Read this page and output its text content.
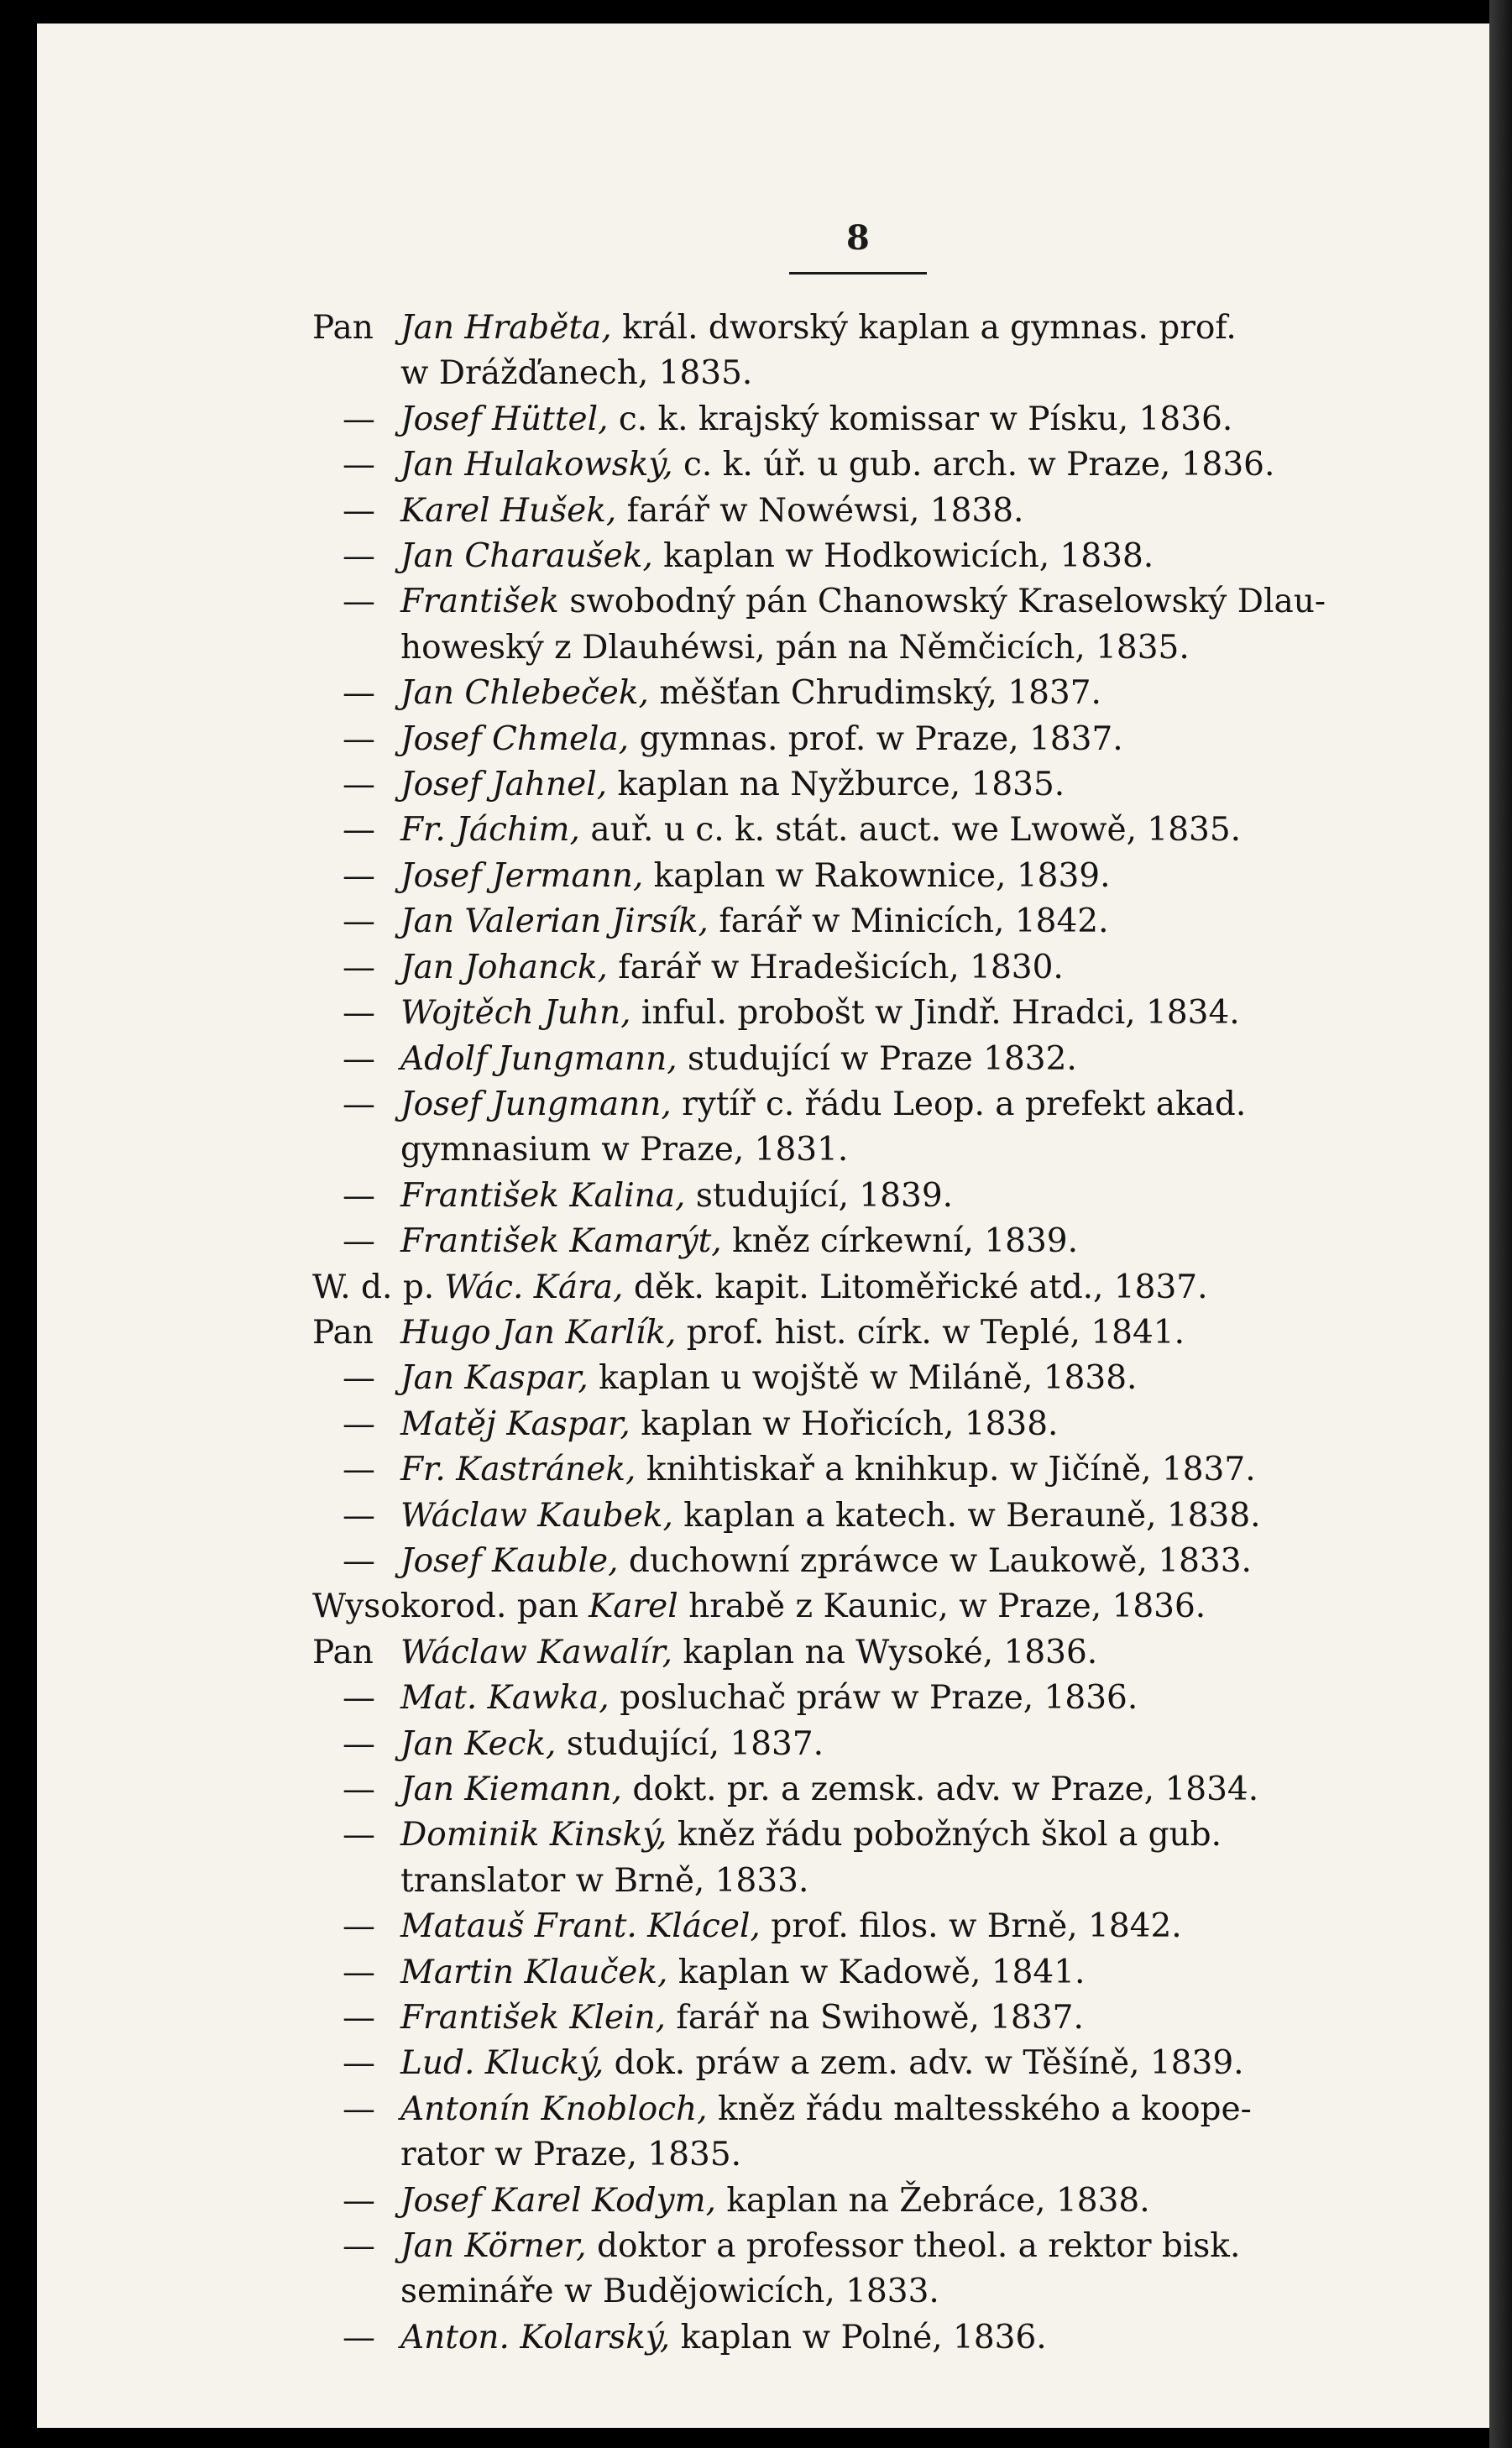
8
Pan Jan Hraběta, král. dworský kaplan a gymnas. prof.
w Drážďanech, 1835.
— Josef Hüttel, c. k. krajský komissar w Písku, 1836.
— Jan Hulakowský, c. k. úř. u gub. arch. w Praze, 1836.
— Karel Hušek, farář w Nowéwsi, 1838.
— Jan Charaušek, kaplan w Hodkowicích, 1838.
— František swobodný pán Chanowský Kraselowský Dlau-
howeský z Dlauhéwsi, pán na Němčicích, 1835.
— Jan Chlebeček, měšťan Chrudimský, 1837.
— Josef Chmela, gymnas. prof. w Praze, 1837.
— Josef Jahnel, kaplan na Nyžburce, 1835.
— Fr. Jáchim, auř. u c. k. stát. auct. we Lwowě, 1835.
— Josef Jermann, kaplan w Rakownice, 1839.
— Jan Valerian Jirsík, farář w Minicích, 1842.
— Jan Johanck, farář w Hradešicích, 1830.
— Wojtěch Juhn, inful. probošt w Jindř. Hradci, 1834.
— Adolf Jungmann, studující w Praze 1832.
— Josef Jungmann, rytíř c. řádu Leop. a prefekt akad.
gymnasium w Praze, 1831.
— František Kalina, studující, 1839.
— František Kamarýt, kněz církewní, 1839.
W. d. p. Wác. Kára, děk. kapit. Litoměřické atd., 1837.
Pan Hugo Jan Karlík, prof. hist. círk. w Teplé, 1841.
— Jan Kaspar, kaplan u wojště w Miláně, 1838.
— Matěj Kaspar, kaplan w Hořicích, 1838.
— Fr. Kastránek, knihtiskař a knihkup. w Jičíně, 1837.
— Wáclaw Kaubek, kaplan a katech. w Berauně, 1838.
— Josef Kauble, duchowní zpráwce w Laukowě, 1833.
Wysokorod. pan Karel hrabě z Kaunic, w Praze, 1836.
Pan Wáclaw Kawalír, kaplan na Wysoké, 1836.
— Mat. Kawka, posluchač práw w Praze, 1836.
— Jan Keck, studující, 1837.
— Jan Kiemann, dokt. pr. a zemsk. adv. w Praze, 1834.
— Dominik Kinský, kněz řádu pobožných škol a gub.
translator w Brně, 1833.
— Matauš Frant. Klácel, prof. filos. w Brně, 1842.
— Martin Klauček, kaplan w Kadowě, 1841.
— František Klein, farář na Swihowě, 1837.
— Lud. Klucký, dok. práw a zem. adv. w Těšíně, 1839.
— Antonín Knobloch, kněz řádu maltesského a koope-
rator w Praze, 1835.
— Josef Karel Kodym, kaplan na Žebráce, 1838.
— Jan Körner, doktor a professor theol. a rektor bisk.
semináře w Budějowicích, 1833.
— Anton. Kolarský, kaplan w Polné, 1836.
